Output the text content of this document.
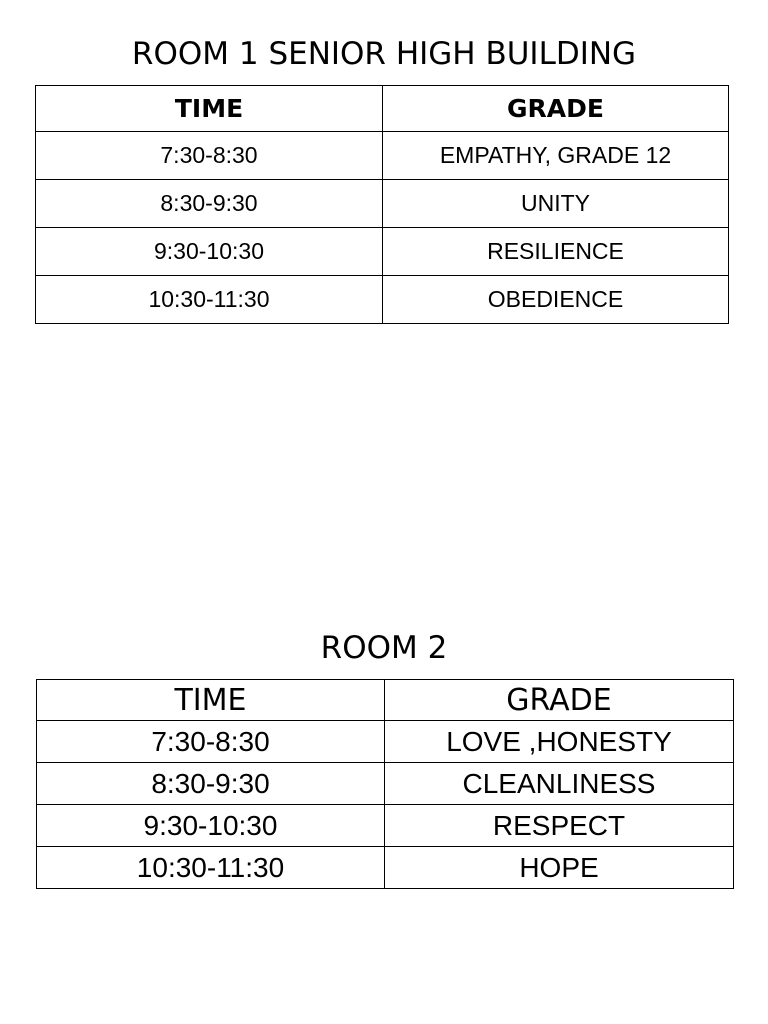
ROOM 1 SENIOR HIGH BUILDING
TIME	GRADE
7:30-8:30	EMPATHY, GRADE 12
8:30-9:30	UNITY
9:30-10:30	RESILIENCE
10:30-11:30	OBEDIENCE
ROOM 2
TIME	GRADE
7:30-8:30	LOVE ,HONESTY
8:30-9:30	CLEANLINESS
9:30-10:30	RESPECT
10:30-11:30	HOPE
